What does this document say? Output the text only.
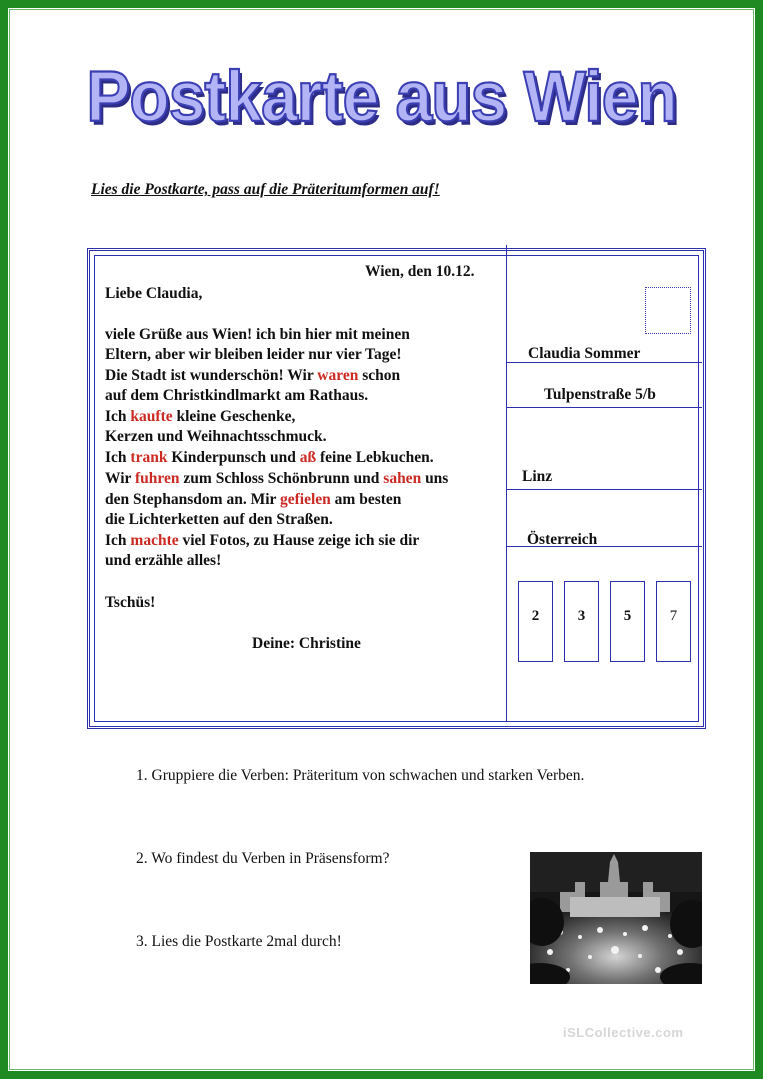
Postkarte aus Wien
Lies die Postkarte, pass auf die Präteritumformen auf!
Wien, den 10.12.
Liebe Claudia,
viele Grüße aus Wien! ich bin hier mit meinen
Eltern, aber wir bleiben leider nur vier Tage!
Die Stadt ist wunderschön! Wir waren schon
auf dem Christkindlmarkt am Rathaus.
Ich kaufte kleine Geschenke,
Kerzen und Weihnachtsschmuck.
Ich trank Kinderpunsch und aß feine Lebkuchen.
Wir fuhren zum Schloss Schönbrunn und sahen uns
den Stephansdom an. Mir gefielen am besten
die Lichterketten auf den Straßen.
Ich machte viel Fotos, zu Hause zeige ich sie dir
und erzähle alles!
Tschüs!
Deine: Christine
Claudia Sommer
Tulpenstraße 5/b
Linz
Österreich
2	3	5	7
1. Gruppiere die Verben: Präteritum von schwachen und starken Verben.
2. Wo findest du Verben in Präsensform?
3. Lies die Postkarte 2mal durch!
iSLCollective.com
